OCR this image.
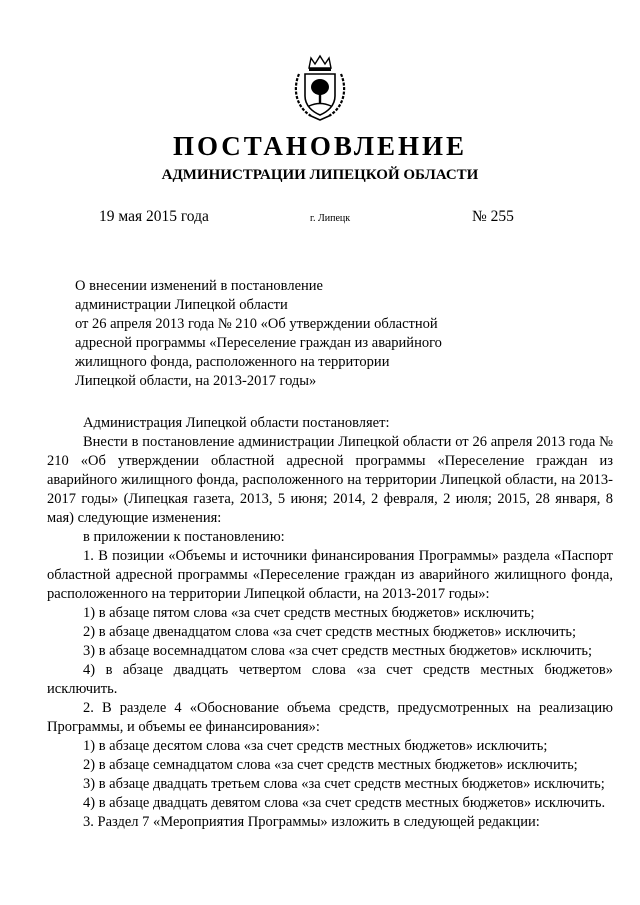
ПОСТАНОВЛЕНИЕ
АДМИНИСТРАЦИИ ЛИПЕЦКОЙ ОБЛАСТИ
19 мая 2015 года	г. Липецк	№ 255
О внесении изменений в постановление
администрации Липецкой области
от 26 апреля 2013 года № 210 «Об утверждении областной
адресной программы «Переселение граждан из аварийного
жилищного фонда, расположенного на территории
Липецкой области, на 2013-2017 годы»

Администрация Липецкой области постановляет:

Внести в постановление администрации Липецкой области от 26 апреля 2013 года № 210 «Об утверждении областной адресной программы «Переселение граждан из аварийного жилищного фонда, расположенного на территории Липецкой области, на 2013-2017 годы» (Липецкая газета, 2013, 5 июня; 2014, 2 февраля, 2 июля; 2015, 28 января, 8 мая) следующие изменения:

в приложении к постановлению:

1. В позиции «Объемы и источники финансирования Программы» раздела «Паспорт областной адресной программы «Переселение граждан из аварийного жилищного фонда, расположенного на территории Липецкой области, на 2013-2017 годы»:

1) в абзаце пятом слова «за счет средств местных бюджетов» исключить;

2) в абзаце двенадцатом слова «за счет средств местных бюджетов» исключить;

3) в абзаце восемнадцатом слова «за счет средств местных бюджетов» исключить;

4) в абзаце двадцать четвертом слова «за счет средств местных бюджетов» исключить.

2. В разделе 4 «Обоснование объема средств, предусмотренных на реализацию Программы, и объемы ее финансирования»:

1) в абзаце десятом слова «за счет средств местных бюджетов» исключить;

2) в абзаце семнадцатом слова «за счет средств местных бюджетов» исключить;

3) в абзаце двадцать третьем слова «за счет средств местных бюджетов» исключить;

4) в абзаце двадцать девятом слова «за счет средств местных бюджетов» исключить.

3. Раздел 7 «Мероприятия Программы» изложить в следующей редакции:
